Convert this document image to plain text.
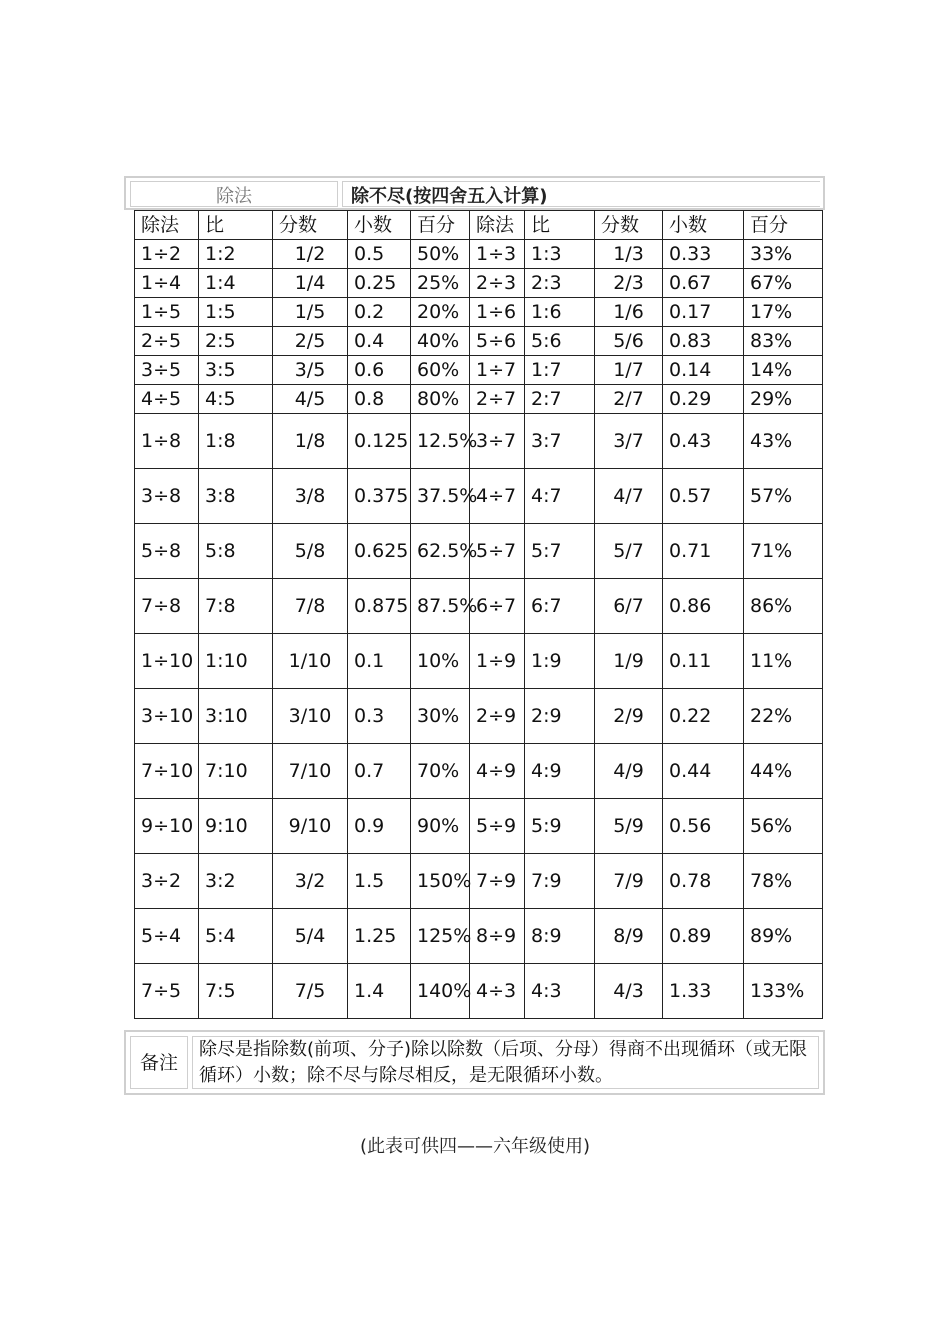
除法	除不尽(按四舍五入计算)
除法	比	分数	小数	百分	除法	比	分数	小数	百分
1÷2	1:2	1/2	0.5	50%	1÷3	1:3	1/3	0.33	33%
1÷4	1:4	1/4	0.25	25%	2÷3	2:3	2/3	0.67	67%
1÷5	1:5	1/5	0.2	20%	1÷6	1:6	1/6	0.17	17%
2÷5	2:5	2/5	0.4	40%	5÷6	5:6	5/6	0.83	83%
3÷5	3:5	3/5	0.6	60%	1÷7	1:7	1/7	0.14	14%
4÷5	4:5	4/5	0.8	80%	2÷7	2:7	2/7	0.29	29%
1÷8	1:8	1/8	0.125	12.5%	3÷7	3:7	3/7	0.43	43%
3÷8	3:8	3/8	0.375	37.5%	4÷7	4:7	4/7	0.57	57%
5÷8	5:8	5/8	0.625	62.5%	5÷7	5:7	5/7	0.71	71%
7÷8	7:8	7/8	0.875	87.5%	6÷7	6:7	6/7	0.86	86%
1÷10	1:10	1/10	0.1	10%	1÷9	1:9	1/9	0.11	11%
3÷10	3:10	3/10	0.3	30%	2÷9	2:9	2/9	0.22	22%
7÷10	7:10	7/10	0.7	70%	4÷9	4:9	4/9	0.44	44%
9÷10	9:10	9/10	0.9	90%	5÷9	5:9	5/9	0.56	56%
3÷2	3:2	3/2	1.5	150%	7÷9	7:9	7/9	0.78	78%
5÷4	5:4	5/4	1.25	125%	8÷9	8:9	8/9	0.89	89%
7÷5	7:5	7/5	1.4	140%	4÷3	4:3	4/3	1.33	133%
备注
除尽是指除数(前项、分子)除以除数（后项、分母）得商不出现循环（或无限循环）小数；除不尽与除尽相反，是无限循环小数。
(此表可供四——六年级使用)
